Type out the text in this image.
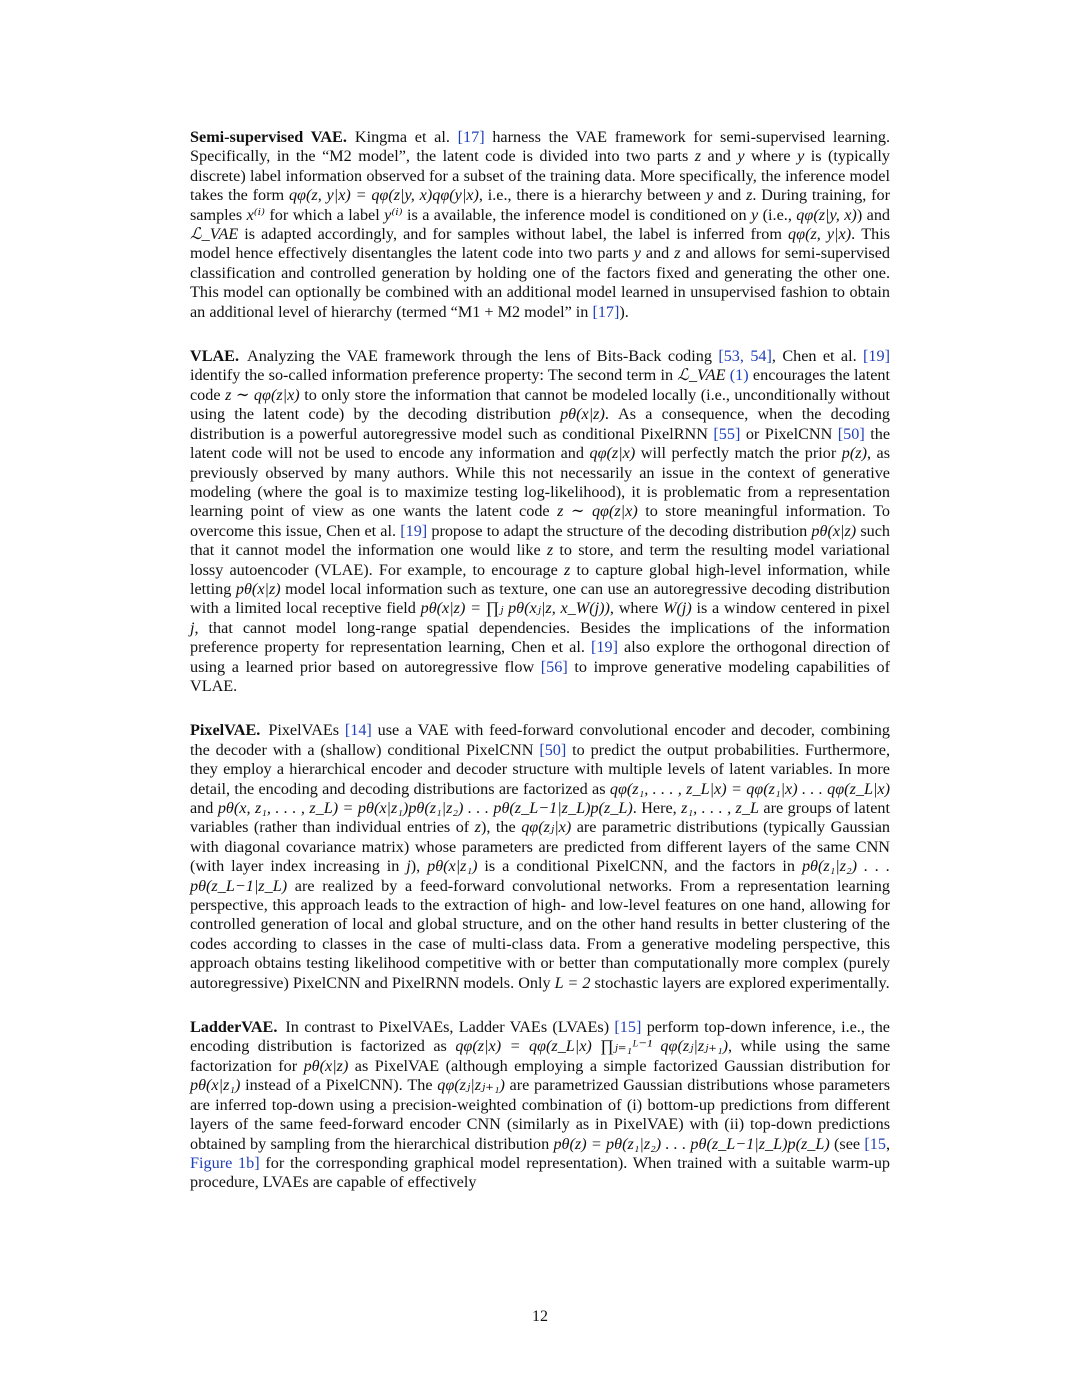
Semi-supervised VAE. Kingma et al. [17] harness the VAE framework for semi-supervised learning. Specifically, in the “M2 model”, the latent code is divided into two parts z and y where y is (typically discrete) label information observed for a subset of the training data. More specifically, the inference model takes the form qφ(z, y|x) = qφ(z|y, x)qφ(y|x), i.e., there is a hierarchy between y and z. During training, for samples x⁽ⁱ⁾ for which a label y⁽ⁱ⁾ is a available, the inference model is conditioned on y (i.e., qφ(z|y, x)) and ℒ_VAE is adapted accordingly, and for samples without label, the label is inferred from qφ(z, y|x). This model hence effectively disentangles the latent code into two parts y and z and allows for semi-supervised classification and controlled generation by holding one of the factors fixed and generating the other one. This model can optionally be combined with an additional model learned in unsupervised fashion to obtain an additional level of hierarchy (termed “M1 + M2 model” in [17]).

VLAE. Analyzing the VAE framework through the lens of Bits-Back coding [53, 54], Chen et al. [19] identify the so-called information preference property: The second term in ℒ_VAE (1) encourages the latent code z ∼ qφ(z|x) to only store the information that cannot be modeled locally (i.e., unconditionally without using the latent code) by the decoding distribution pθ(x|z). As a consequence, when the decoding distribution is a powerful autoregressive model such as conditional PixelRNN [55] or PixelCNN [50] the latent code will not be used to encode any information and qφ(z|x) will perfectly match the prior p(z), as previously observed by many authors. While this not necessarily an issue in the context of generative modeling (where the goal is to maximize testing log-likelihood), it is problematic from a representation learning point of view as one wants the latent code z ∼ qφ(z|x) to store meaningful information. To overcome this issue, Chen et al. [19] propose to adapt the structure of the decoding distribution pθ(x|z) such that it cannot model the information one would like z to store, and term the resulting model variational lossy autoencoder (VLAE). For example, to encourage z to capture global high-level information, while letting pθ(x|z) model local information such as texture, one can use an autoregressive decoding distribution with a limited local receptive field pθ(x|z) = ∏ⱼ pθ(xⱼ|z, x_W(j)), where W(j) is a window centered in pixel j, that cannot model long-range spatial dependencies. Besides the implications of the information preference property for representation learning, Chen et al. [19] also explore the orthogonal direction of using a learned prior based on autoregressive flow [56] to improve generative modeling capabilities of VLAE.

PixelVAE. PixelVAEs [14] use a VAE with feed-forward convolutional encoder and decoder, combining the decoder with a (shallow) conditional PixelCNN [50] to predict the output probabilities. Furthermore, they employ a hierarchical encoder and decoder structure with multiple levels of latent variables. In more detail, the encoding and decoding distributions are factorized as qφ(z₁, . . . , z_L|x) = qφ(z₁|x) . . . qφ(z_L|x) and pθ(x, z₁, . . . , z_L) = pθ(x|z₁)pθ(z₁|z₂) . . . pθ(z_L−1|z_L)p(z_L). Here, z₁, . . . , z_L are groups of latent variables (rather than individual entries of z), the qφ(zⱼ|x) are parametric distributions (typically Gaussian with diagonal covariance matrix) whose parameters are predicted from different layers of the same CNN (with layer index increasing in j), pθ(x|z₁) is a conditional PixelCNN, and the factors in pθ(z₁|z₂) . . . pθ(z_L−1|z_L) are realized by a feed-forward convolutional networks. From a representation learning perspective, this approach leads to the extraction of high- and low-level features on one hand, allowing for controlled generation of local and global structure, and on the other hand results in better clustering of the codes according to classes in the case of multi-class data. From a generative modeling perspective, this approach obtains testing likelihood competitive with or better than computationally more complex (purely autoregressive) PixelCNN and PixelRNN models. Only L = 2 stochastic layers are explored experimentally.

LadderVAE. In contrast to PixelVAEs, Ladder VAEs (LVAEs) [15] perform top-down inference, i.e., the encoding distribution is factorized as qφ(z|x) = qφ(z_L|x) ∏ⱼ₌₁ᴸ⁻¹ qφ(zⱼ|zⱼ₊₁), while using the same factorization for pθ(x|z) as PixelVAE (although employing a simple factorized Gaussian distribution for pθ(x|z₁) instead of a PixelCNN). The qφ(zⱼ|zⱼ₊₁) are parametrized Gaussian distributions whose parameters are inferred top-down using a precision-weighted combination of (i) bottom-up predictions from different layers of the same feed-forward encoder CNN (similarly as in PixelVAE) with (ii) top-down predictions obtained by sampling from the hierarchical distribution pθ(z) = pθ(z₁|z₂) . . . pθ(z_L−1|z_L)p(z_L) (see [15, Figure 1b] for the corresponding graphical model representation). When trained with a suitable warm-up procedure, LVAEs are capable of effectively

12
